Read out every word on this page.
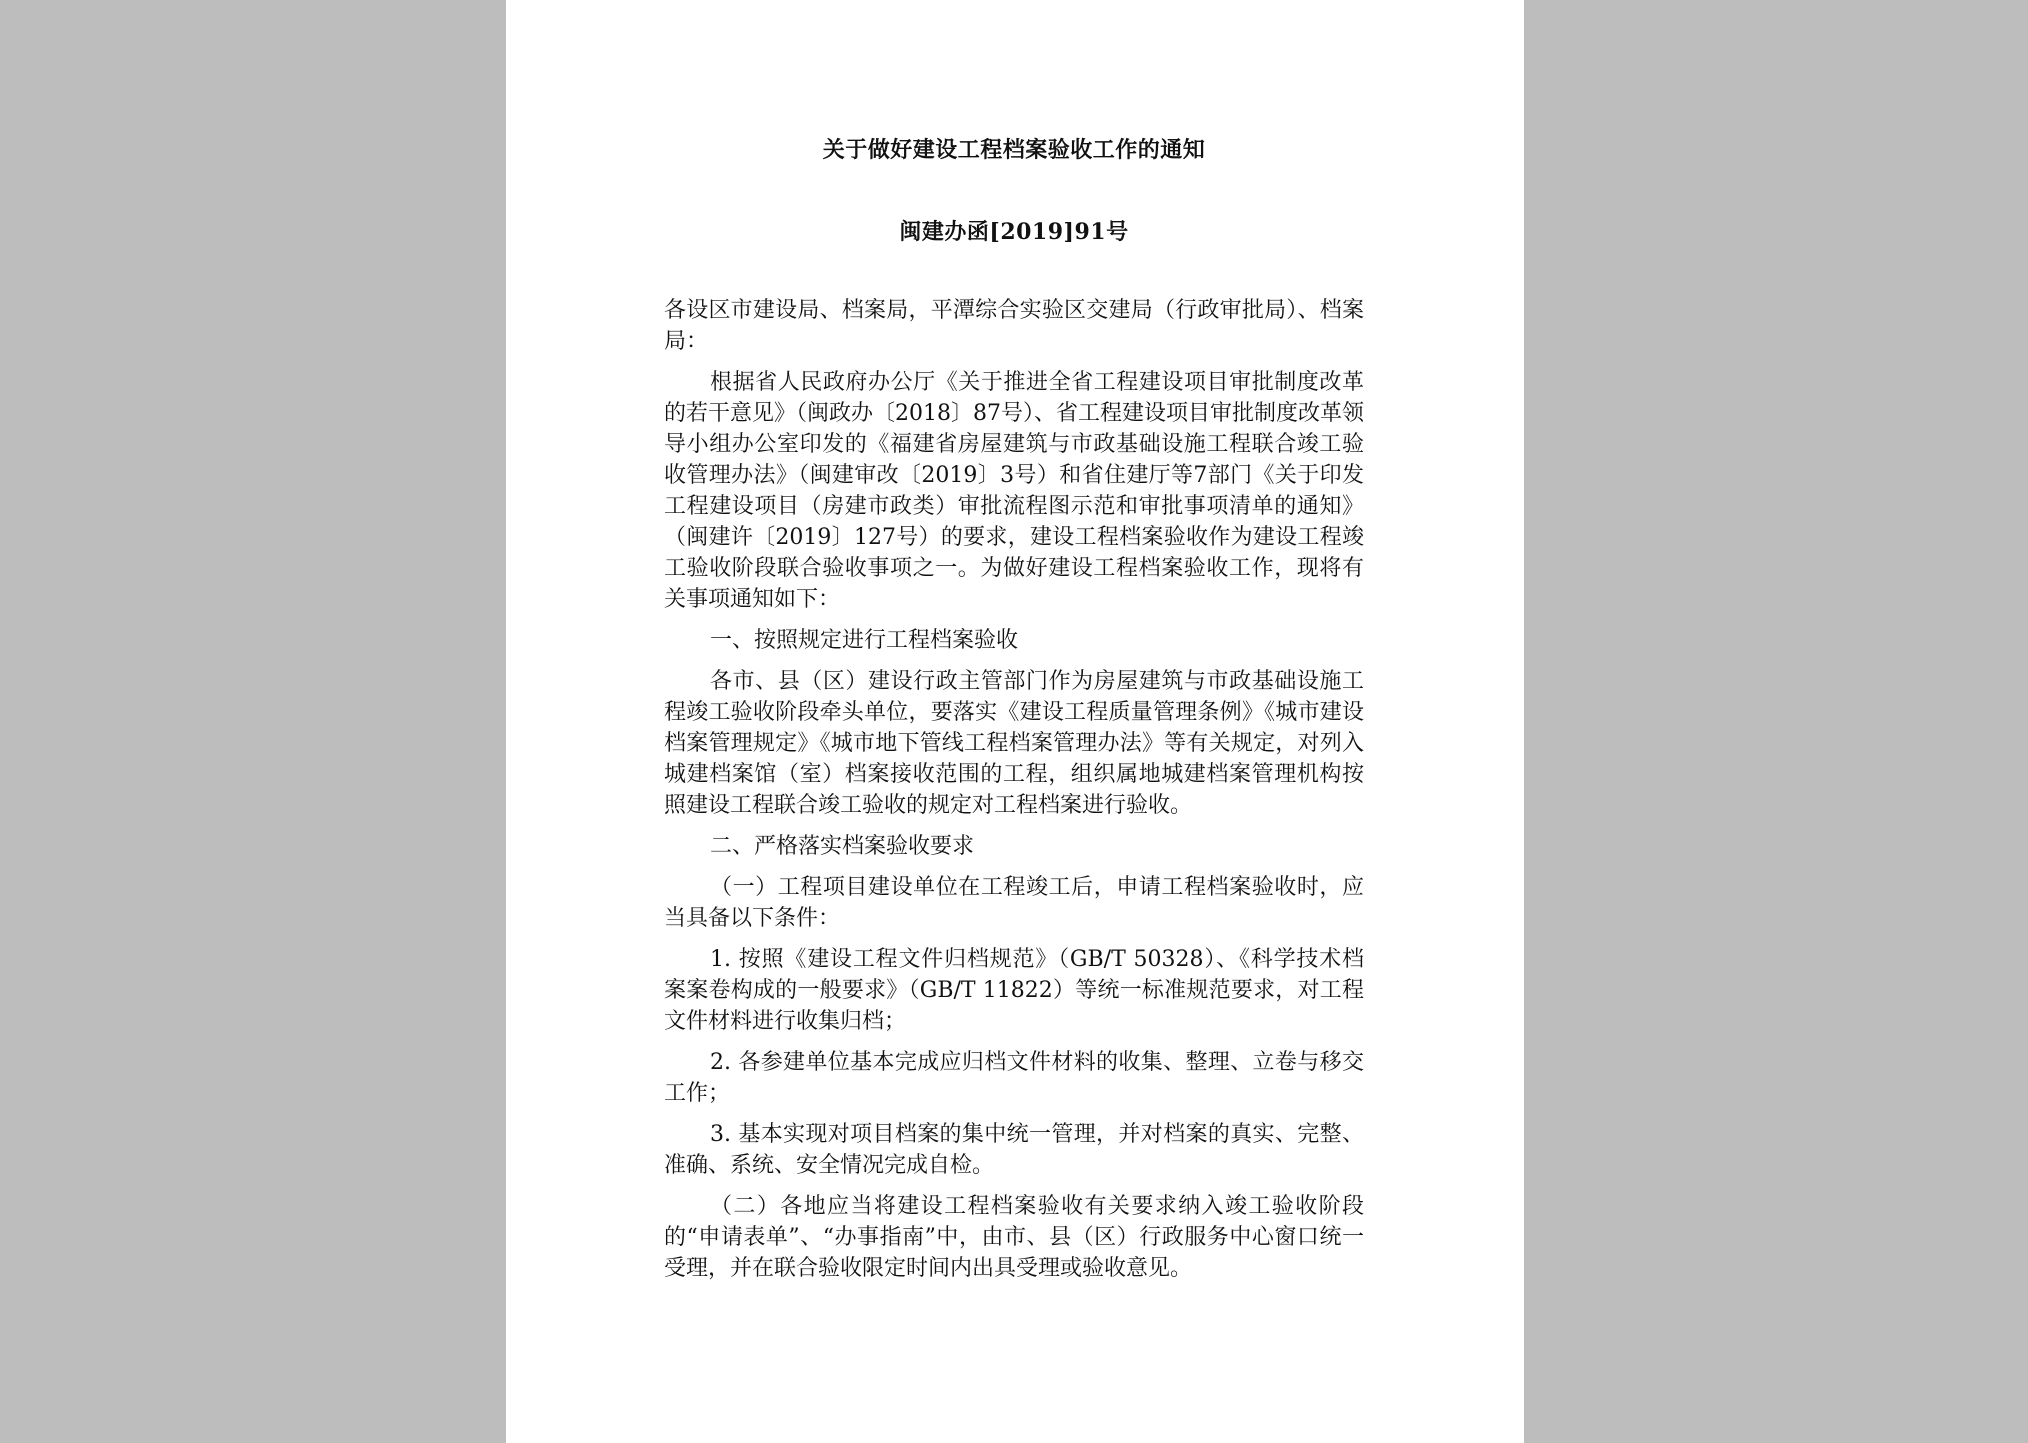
关于做好建设工程档案验收工作的通知
闽建办函[2019]91号

各设区市建设局、档案局，平潭综合实验区交建局（行政审批局）、档案局：

根据省人民政府办公厅《关于推进全省工程建设项目审批制度改革的若干意见》（闽政办〔2018〕87号）、省工程建设项目审批制度改革领导小组办公室印发的《福建省房屋建筑与市政基础设施工程联合竣工验收管理办法》（闽建审改〔2019〕3号）和省住建厅等7部门《关于印发工程建设项目（房建市政类）审批流程图示范和审批事项清单的通知》（闽建许〔2019〕127号）的要求，建设工程档案验收作为建设工程竣工验收阶段联合验收事项之一。为做好建设工程档案验收工作，现将有关事项通知如下：

一、按照规定进行工程档案验收

各市、县（区）建设行政主管部门作为房屋建筑与市政基础设施工程竣工验收阶段牵头单位，要落实《建设工程质量管理条例》《城市建设档案管理规定》《城市地下管线工程档案管理办法》等有关规定，对列入城建档案馆（室）档案接收范围的工程，组织属地城建档案管理机构按照建设工程联合竣工验收的规定对工程档案进行验收。

二、严格落实档案验收要求

（一）工程项目建设单位在工程竣工后，申请工程档案验收时，应当具备以下条件：

1. 按照《建设工程文件归档规范》（GB/T 50328）、《科学技术档案案卷构成的一般要求》（GB/T 11822）等统一标准规范要求，对工程文件材料进行收集归档；

2. 各参建单位基本完成应归档文件材料的收集、整理、立卷与移交工作；

3. 基本实现对项目档案的集中统一管理，并对档案的真实、完整、准确、系统、安全情况完成自检。

（二）各地应当将建设工程档案验收有关要求纳入竣工验收阶段的“申请表单”、“办事指南”中，由市、县（区）行政服务中心窗口统一受理，并在联合验收限定时间内出具受理或验收意见。
